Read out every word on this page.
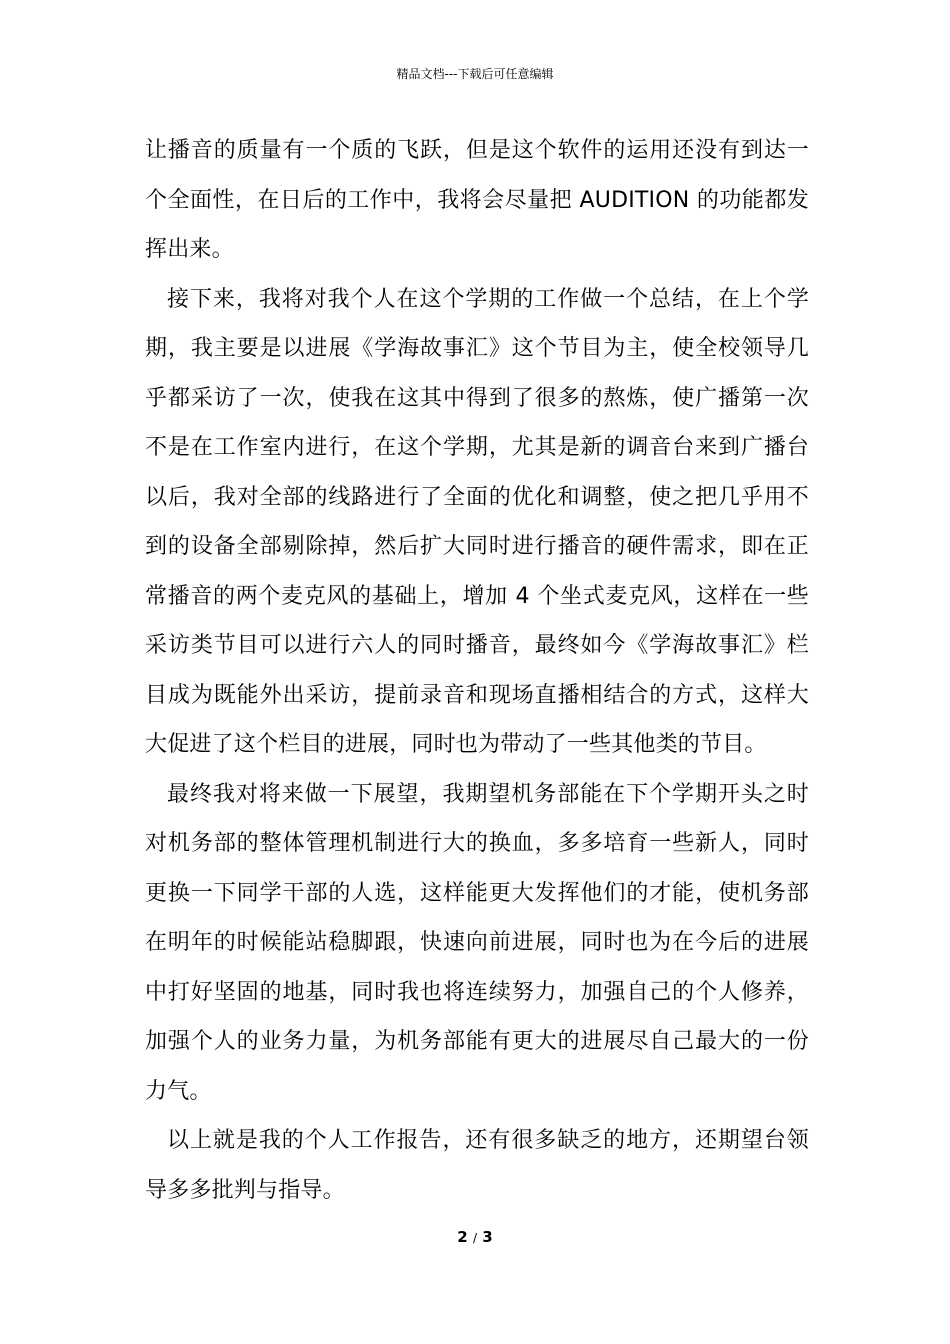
精品文档---下载后可任意编辑

让播音的质量有一个质的飞跃，但是这个软件的运用还没有到达一个全面性，在日后的工作中，我将会尽量把 AUDITION 的功能都发挥出来。

接下来，我将对我个人在这个学期的工作做一个总结，在上个学期，我主要是以进展《学海故事汇》这个节目为主，使全校领导几乎都采访了一次，使我在这其中得到了很多的熬炼，使广播第一次不是在工作室内进行，在这个学期，尤其是新的调音台来到广播台以后，我对全部的线路进行了全面的优化和调整，使之把几乎用不到的设备全部剔除掉，然后扩大同时进行播音的硬件需求，即在正常播音的两个麦克风的基础上，增加 4 个坐式麦克风，这样在一些采访类节目可以进行六人的同时播音，最终如今《学海故事汇》栏目成为既能外出采访，提前录音和现场直播相结合的方式，这样大大促进了这个栏目的进展，同时也为带动了一些其他类的节目。

最终我对将来做一下展望，我期望机务部能在下个学期开头之时对机务部的整体管理机制进行大的换血，多多培育一些新人，同时更换一下同学干部的人选，这样能更大发挥他们的才能，使机务部在明年的时候能站稳脚跟，快速向前进展，同时也为在今后的进展中打好坚固的地基，同时我也将连续努力，加强自己的个人修养，加强个人的业务力量，为机务部能有更大的进展尽自己最大的一份力气。

以上就是我的个人工作报告，还有很多缺乏的地方，还期望台领导多多批判与指导。

2 / 3
